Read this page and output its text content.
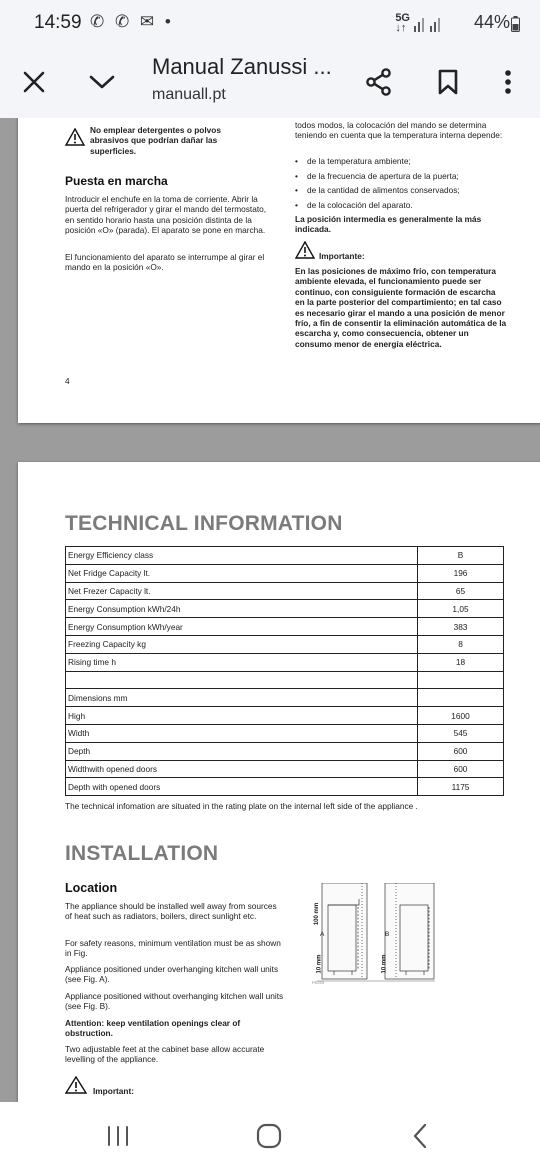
14:59 ✆ ✆ ✉ •	5G
↓↑	44%
Manual Zanussi ...
manuall.pt
No emplear detergentes o polvos abrasivos que podrían dañar las superficies.
Puesta en marcha
Introducir el enchufe en la toma de corriente. Abrir la puerta del refrigerador y girar el mando del termostato, en sentido horario hasta una posición distinta de la posición «O» (parada). El aparato se pone en marcha.
El funcionamiento del aparato se interrumpe al girar el mando en la posición «O».
4
todos modos, la colocación del mando se determina teniendo en cuenta que la temperatura interna depende:
• de la temperatura ambiente;
• de la frecuencia de apertura de la puerta;
• de la cantidad de alimentos conservados;
• de la colocación del aparato.
La posición intermedia es generalmente la más indicada.
Importante:
En las posiciones de máximo frío, con temperatura ambiente elevada, el funcionamiento puede ser continuo, con consiguiente formación de escarcha en la parte posterior del compartimiento; en tal caso es necesario girar el mando a una posición de menor frío, a fin de consentir la eliminación automática de la escarcha y, como consecuencia, obtener un consumo menor de energía eléctrica.
TECHNICAL INFORMATION
Energy Efficiency class	B
Net Fridge Capacity lt.	196
Net Frezer Capacity lt.	65
Energy Consumption kWh/24h	1,05
Energy Consumption kWh/year	383
Freezing Capacity kg	8
Rising time h	18

Dimensions mm	
High	1600
Width	545
Depth	600
Widthwith opened doors	600
Depth with opened doors	1175
The technical infomation are situated in the rating plate on the internal left side of the appliance .
INSTALLATION
Location
The appliance should be installed well away from sources of heat such as radiators, boilers, direct sunlight etc.
For safety reasons, minimum ventilation must be as shown in Fig.
Appliance positioned under overhanging kitchen wall units (see Fig. A).
Appliance positioned without overhanging kitchen wall units (see Fig. B).
Attention: keep ventilation openings clear of obstruction.
Two adjustable feet at the cabinet base allow accurate levelling of the appliance.
Important:
100 mm
A
10 mm
B
10 mm
PR203
